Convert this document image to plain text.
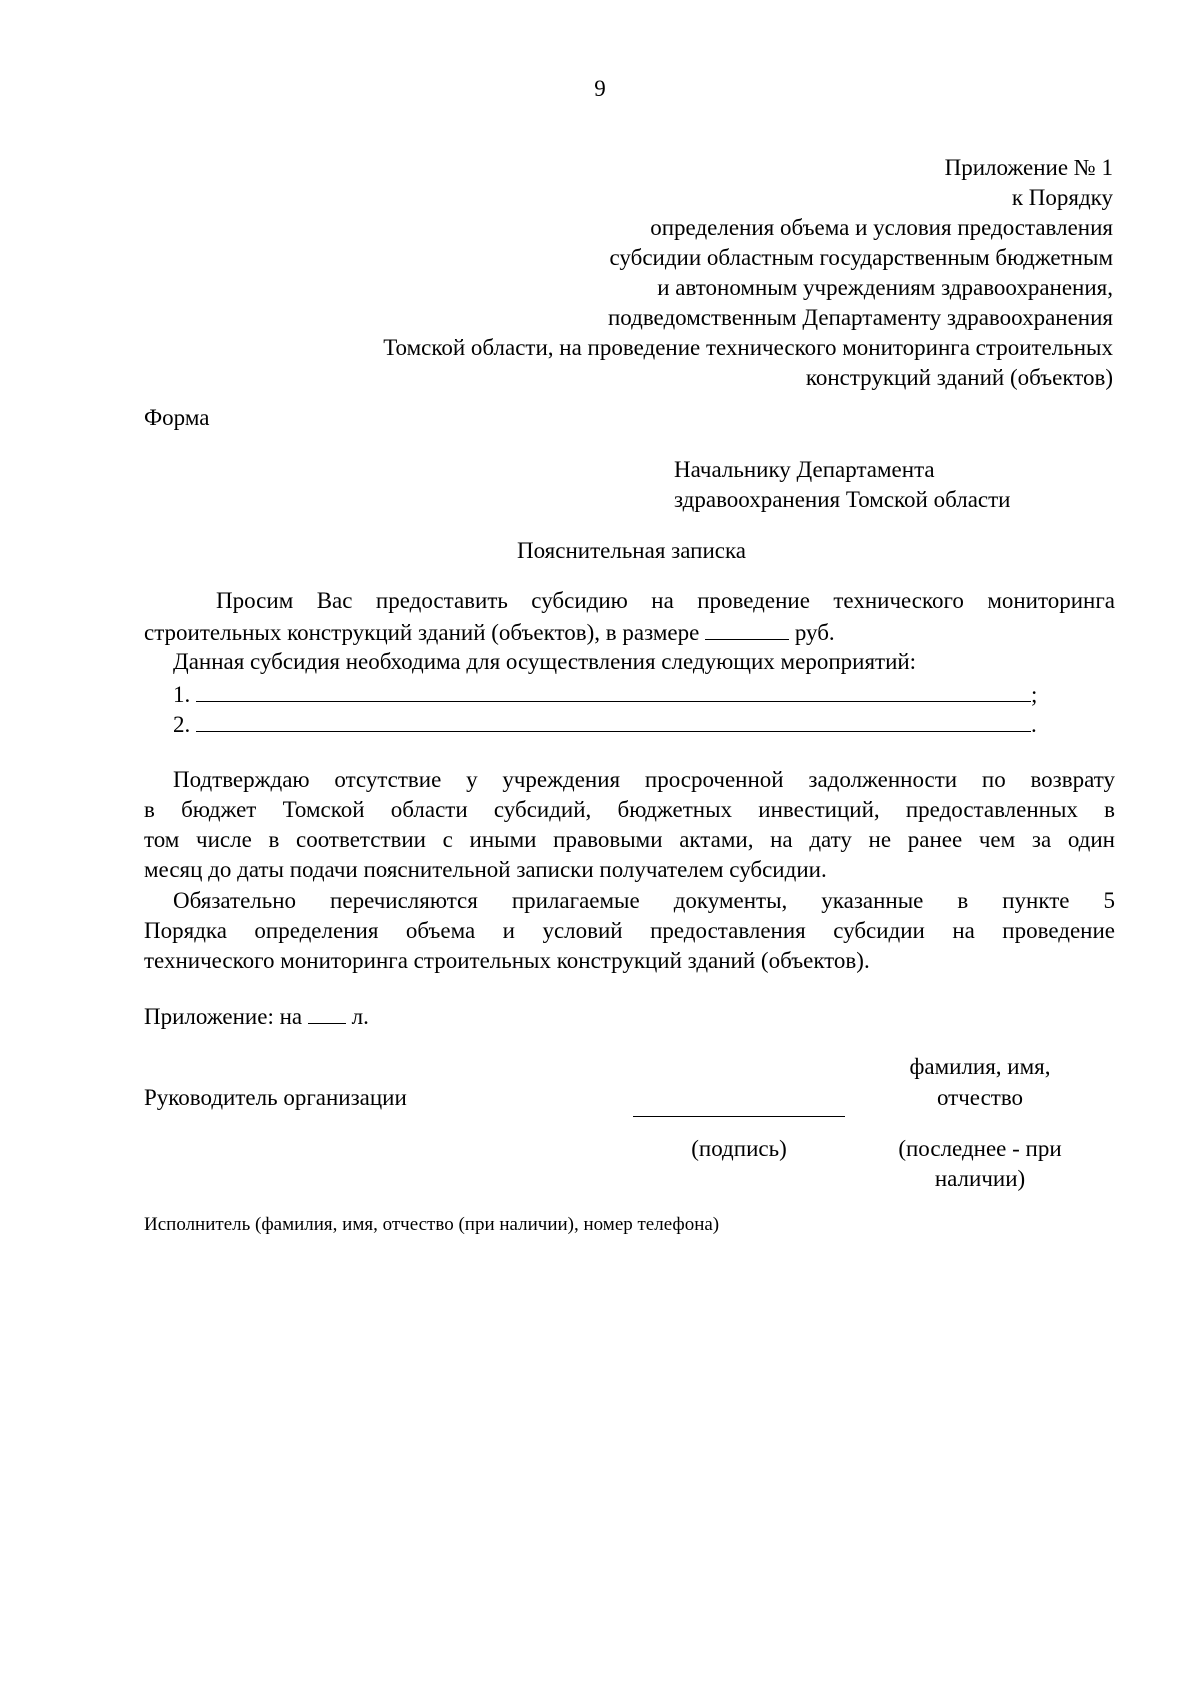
9
Приложение № 1
к Порядку
определения объема и условия предоставления
субсидии областным государственным бюджетным
и автономным учреждениям здравоохранения,
подведомственным Департаменту здравоохранения
Томской области, на проведение технического мониторинга строительных
конструкций зданий (объектов)
Форма
Начальнику Департамента
здравоохранения Томской области
Пояснительная записка
Просим Вас предоставить субсидию на проведение технического мониторинга
строительных конструкций зданий (объектов), в размере	руб.
Данная субсидия необходима для осуществления следующих мероприятий:
1.	;
2.	.
Подтверждаю отсутствие у учреждения просроченной задолженности по возврату
в бюджет Томской области субсидий, бюджетных инвестиций, предоставленных в
том числе в соответствии с иными правовыми актами, на дату не ранее чем за один
месяц до даты подачи пояснительной записки получателем субсидии.
Обязательно перечисляются прилагаемые документы, указанные в пункте 5
Порядка определения объема и условий предоставления субсидии на проведение
технического мониторинга строительных конструкций зданий (объектов).
Приложение: на л.
фамилия, имя,
Руководитель организации	отчество
(подпись)	(последнее - при
наличии)
Исполнитель (фамилия, имя, отчество (при наличии), номер телефона)
